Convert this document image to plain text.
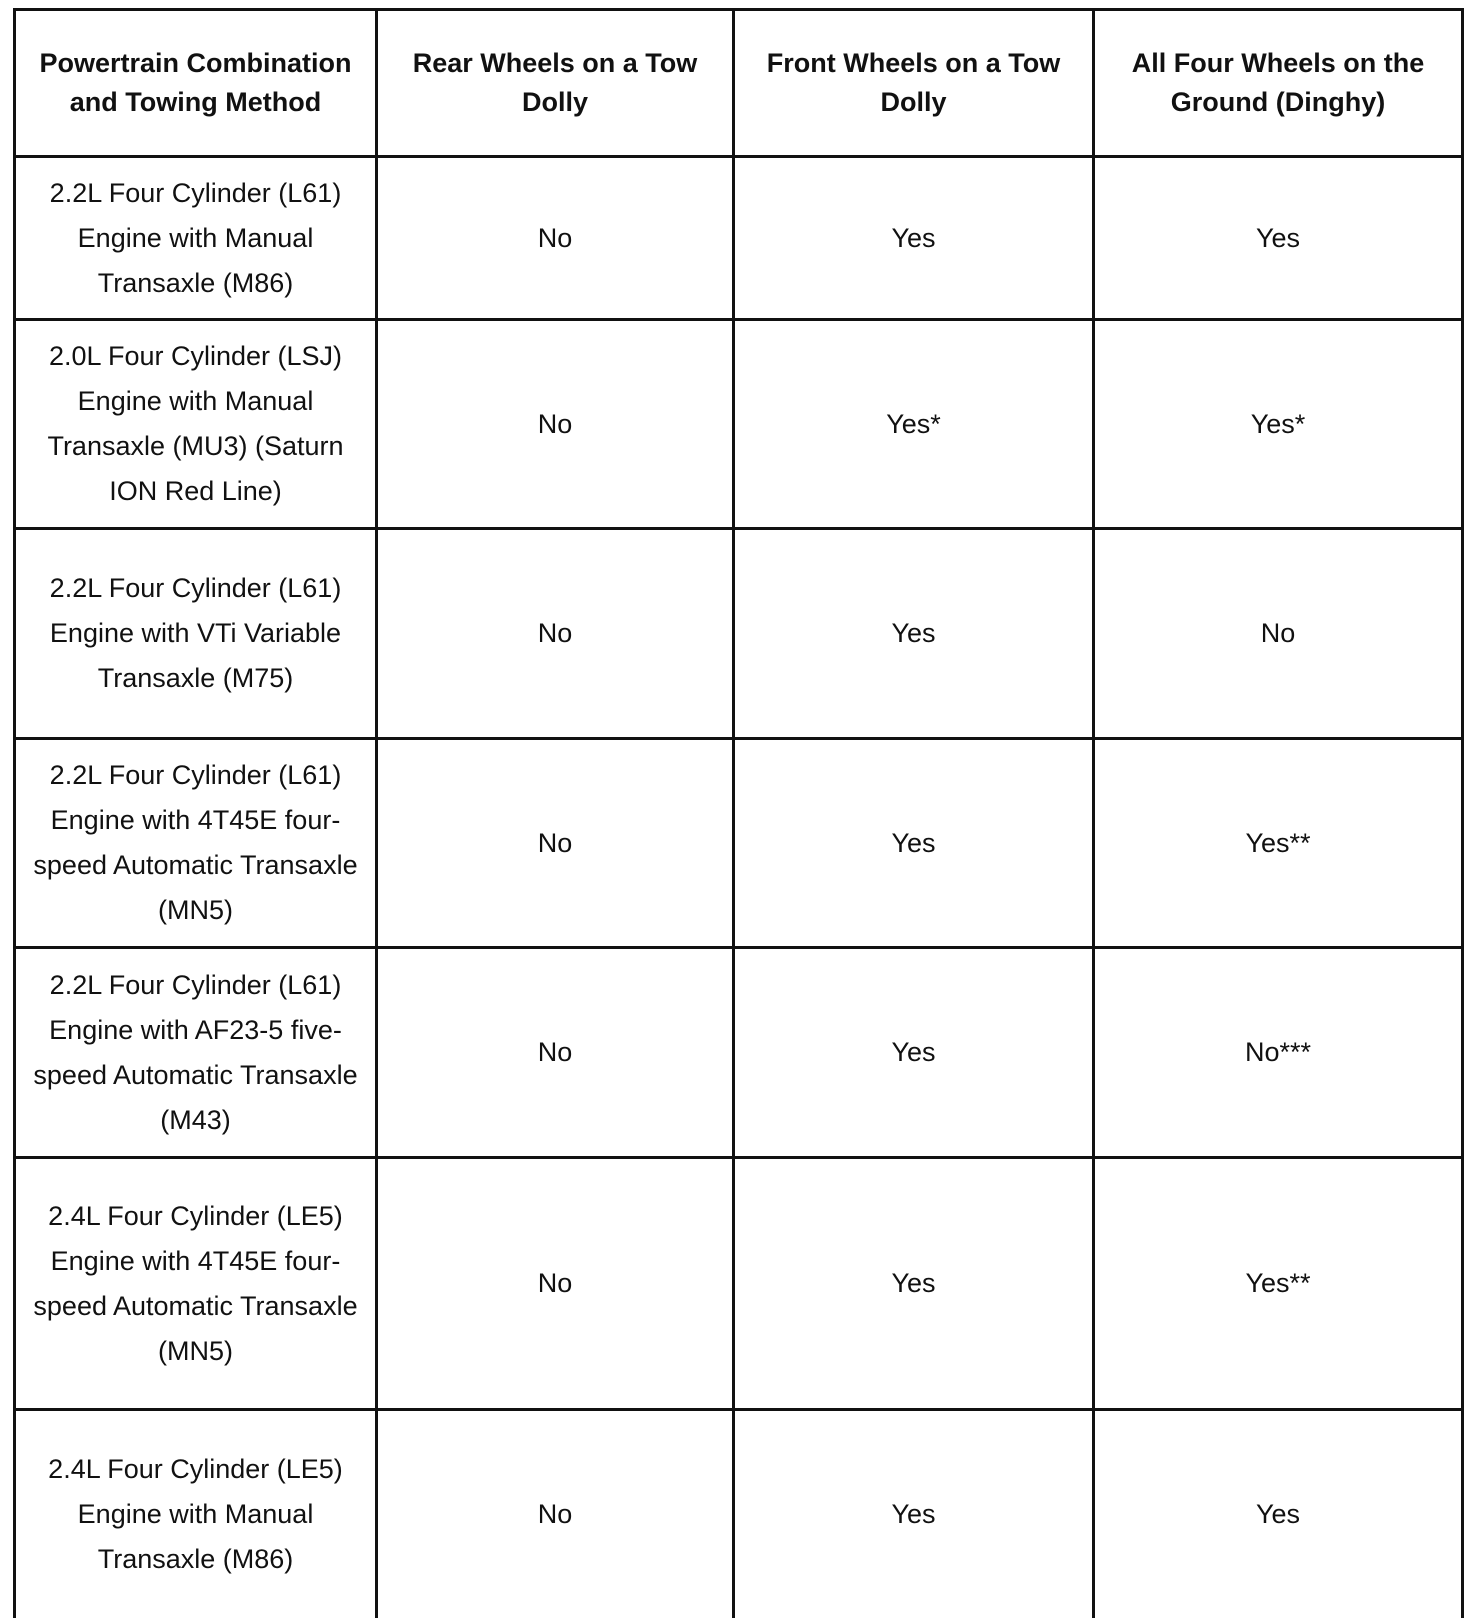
Powertrain Combination and Towing Method	Rear Wheels on a Tow Dolly	Front Wheels on a Tow Dolly	All Four Wheels on the Ground (Dinghy)
2.2L Four Cylinder (L61) Engine with Manual Transaxle (M86)	No	Yes	Yes
2.0L Four Cylinder (LSJ) Engine with Manual Transaxle (MU3) (Saturn ION Red Line)	No	Yes*	Yes*
2.2L Four Cylinder (L61) Engine with VTi Variable Transaxle (M75)	No	Yes	No
2.2L Four Cylinder (L61) Engine with 4T45E four-speed Automatic Transaxle (MN5)	No	Yes	Yes**
2.2L Four Cylinder (L61) Engine with AF23-5 five-speed Automatic Transaxle (M43)	No	Yes	No***
2.4L Four Cylinder (LE5) Engine with 4T45E four-speed Automatic Transaxle (MN5)	No	Yes	Yes**
2.4L Four Cylinder (LE5) Engine with Manual Transaxle (M86)	No	Yes	Yes
